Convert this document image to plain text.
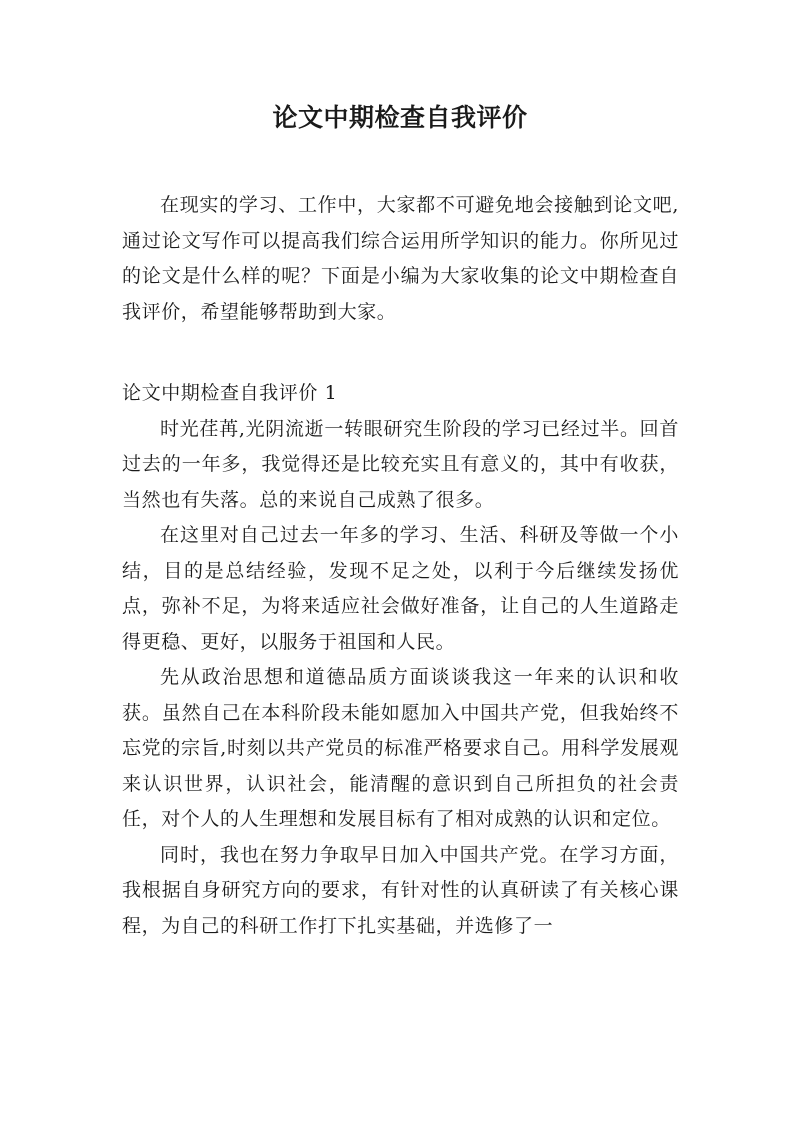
论文中期检查自我评价

在现实的学习、工作中，大家都不可避免地会接触到论文吧,通过论文写作可以提高我们综合运用所学知识的能力。你所见过的论文是什么样的呢？下面是小编为大家收集的论文中期检查自我评价，希望能够帮助到大家。

论文中期检查自我评价 1

时光荏苒,光阴流逝一转眼研究生阶段的学习已经过半。回首过去的一年多，我觉得还是比较充实且有意义的，其中有收获，当然也有失落。总的来说自己成熟了很多。

在这里对自己过去一年多的学习、生活、科研及等做一个小结，目的是总结经验，发现不足之处，以利于今后继续发扬优点，弥补不足，为将来适应社会做好准备，让自己的人生道路走得更稳、更好，以服务于祖国和人民。

先从政治思想和道德品质方面谈谈我这一年来的认识和收获。虽然自己在本科阶段未能如愿加入中国共产党，但我始终不忘党的宗旨,时刻以共产党员的标准严格要求自己。用科学发展观来认识世界，认识社会，能清醒的意识到自己所担负的社会责任，对个人的人生理想和发展目标有了相对成熟的认识和定位。

同时，我也在努力争取早日加入中国共产党。在学习方面，我根据自身研究方向的要求，有针对性的认真研读了有关核心课程，为自己的科研工作打下扎实基础，并选修了一
